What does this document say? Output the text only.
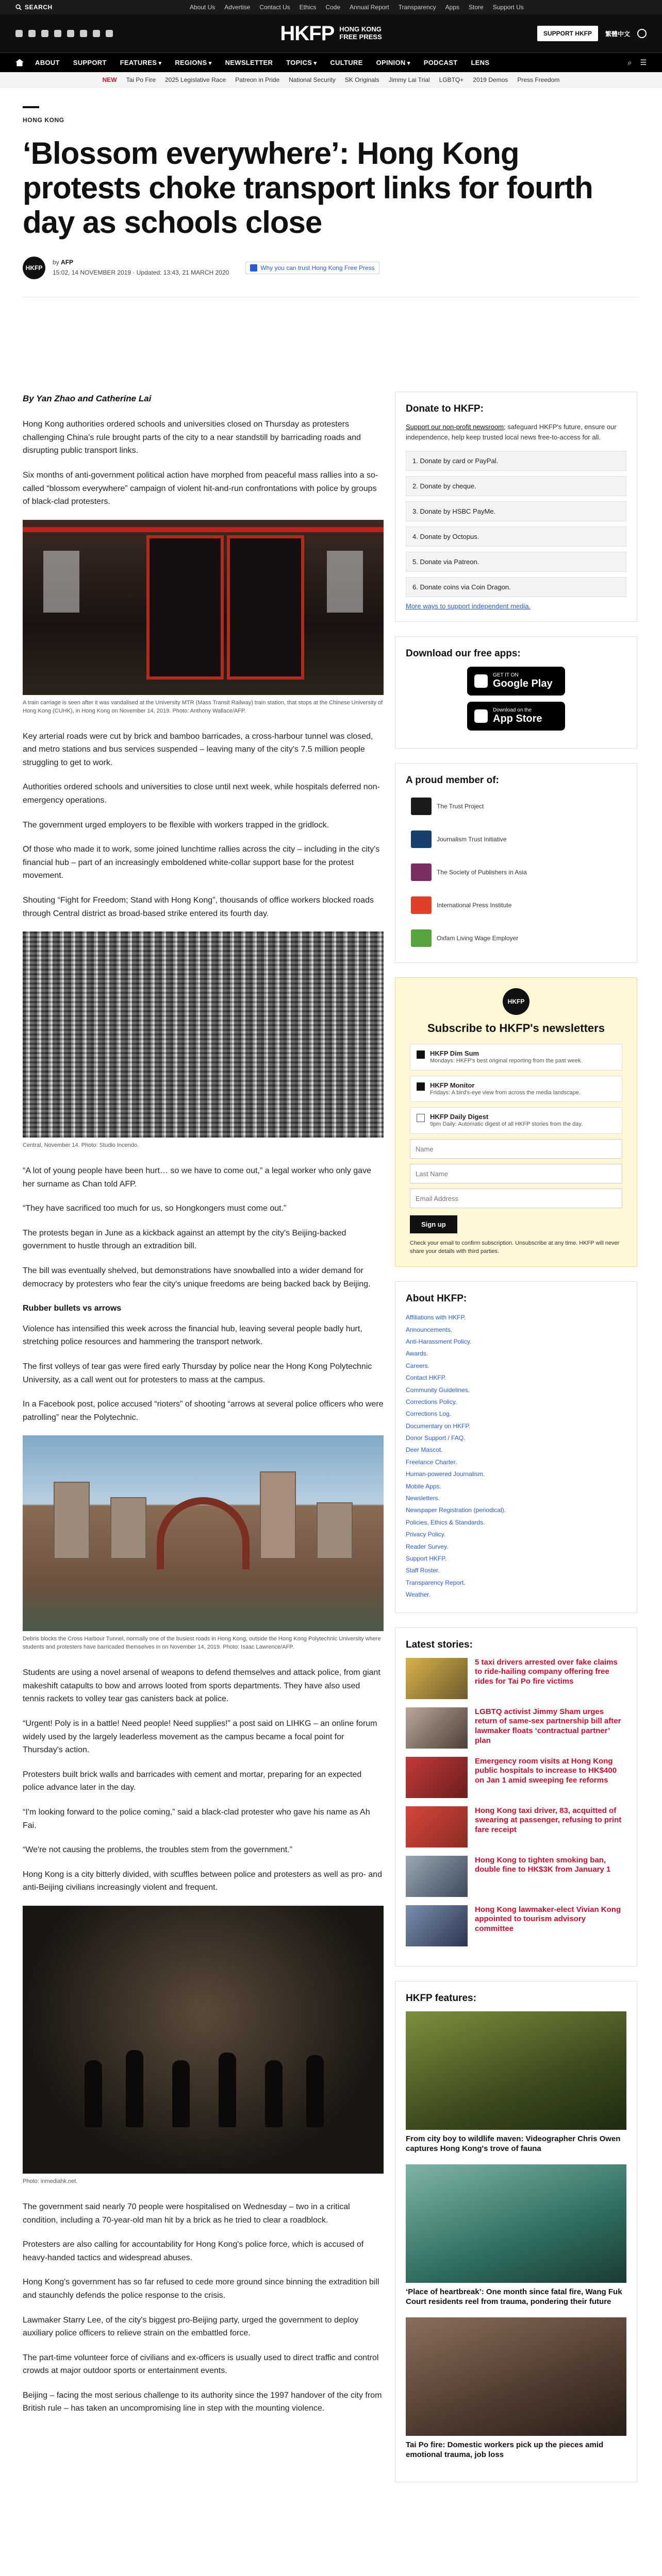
SEARCH	About Us Advertise Contact Us Ethics Code Annual Report Transparency Apps Store Support Us
HKFP HONG KONG
FREE PRESS	SUPPORT HKFP	繁體中文
ABOUT SUPPORT FEATURES ▾	REGIONS ▾	NEWSLETTER TOPICS ▾	CULTURE OPINION ▾	PODCAST LENS	⌕ ☰
NEW Tai Po Fire 2025 Legislative Race Patreon in Pride National Security SK Originals Jimmy Lai Trial LGBTQ+ 2019 Demos Press Freedom
HONG KONG
‘Blossom everywhere’: Hong Kong protests choke transport links for fourth day as schools close
HKFP
by AFP
15:02, 14 NOVEMBER 2019 · Updated: 13:43, 21 MARCH 2020
Why you can trust Hong Kong Free Press

By Yan Zhao and Catherine Lai

Hong Kong authorities ordered schools and universities closed on Thursday as protesters challenging China's rule brought parts of the city to a near standstill by barricading roads and disrupting public transport links.

Six months of anti-government political action have morphed from peaceful mass rallies into a so-called “blossom everywhere” campaign of violent hit-and-run confrontations with police by groups of black-clad protesters.

A train carriage is seen after it was vandalised at the University MTR (Mass Transit Railway) train station, that stops at the Chinese University of Hong Kong (CUHK), in Hong Kong on November 14, 2019. Photo: Anthony Wallace/AFP.

Key arterial roads were cut by brick and bamboo barricades, a cross-harbour tunnel was closed, and metro stations and bus services suspended – leaving many of the city's 7.5 million people struggling to get to work.

Authorities ordered schools and universities to close until next week, while hospitals deferred non-emergency operations.

The government urged employers to be flexible with workers trapped in the gridlock.

Of those who made it to work, some joined lunchtime rallies across the city – including in the city's financial hub – part of an increasingly emboldened white-collar support base for the protest movement.

Shouting “Fight for Freedom; Stand with Hong Kong”, thousands of office workers blocked roads through Central district as broad-based strike entered its fourth day.

Central, November 14. Photo: Studio Incendo.

“A lot of young people have been hurt… so we have to come out,” a legal worker who only gave her surname as Chan told AFP.

“They have sacrificed too much for us, so Hongkongers must come out.”

The protests began in June as a kickback against an attempt by the city's Beijing-backed government to hustle through an extradition bill.

The bill was eventually shelved, but demonstrations have snowballed into a wider demand for democracy by protesters who fear the city's unique freedoms are being backed back by Beijing.

Rubber bullets vs arrows

Violence has intensified this week across the financial hub, leaving several people badly hurt, stretching police resources and hammering the transport network.

The first volleys of tear gas were fired early Thursday by police near the Hong Kong Polytechnic University, as a call went out for protesters to mass at the campus.

In a Facebook post, police accused “rioters” of shooting “arrows at several police officers who were patrolling” near the Polytechnic.

Debris blocks the Cross Harbour Tunnel, normally one of the busiest roads in Hong Kong, outside the Hong Kong Polytechnic University where students and protesters have barricaded themselves in on November 14, 2019. Photo: Isaac Lawrence/AFP.

Students are using a novel arsenal of weapons to defend themselves and attack police, from giant makeshift catapults to bow and arrows looted from sports departments. They have also used tennis rackets to volley tear gas canisters back at police.

“Urgent! Poly is in a battle! Need people! Need supplies!” a post said on LIHKG – an online forum widely used by the largely leaderless movement as the campus became a focal point for Thursday's action.

Protesters built brick walls and barricades with cement and mortar, preparing for an expected police advance later in the day.

“I'm looking forward to the police coming,” said a black-clad protester who gave his name as Ah Fai.

“We're not causing the problems, the troubles stem from the government.”

Hong Kong is a city bitterly divided, with scuffles between police and protesters as well as pro- and anti-Beijing civilians increasingly violent and frequent.

Photo: inmediahk.net.

The government said nearly 70 people were hospitalised on Wednesday – two in a critical condition, including a 70-year-old man hit by a brick as he tried to clear a roadblock.

Protesters are also calling for accountability for Hong Kong's police force, which is accused of heavy-handed tactics and widespread abuses.

Hong Kong's government has so far refused to cede more ground since binning the extradition bill and staunchly defends the police response to the crisis.

Lawmaker Starry Lee, of the city's biggest pro-Beijing party, urged the government to deploy auxiliary police officers to relieve strain on the embattled force.

The part-time volunteer force of civilians and ex-officers is usually used to direct traffic and control crowds at major outdoor sports or entertainment events.

Beijing – facing the most serious challenge to its authority since the 1997 handover of the city from British rule – has taken an uncompromising line in step with the mounting violence.

Donate to HKFP:

Support our non-profit newsroom; safeguard HKFP's future, ensure our independence, help keep trusted local news free-to-access for all.

1. Donate by card or PayPal.
2. Donate by cheque.
3. Donate by HSBC PayMe.
4. Donate by Octopus.
5. Donate via Patreon.
6. Donate coins via Coin Dragon.
More ways to support independent media.
Download our free apps:
GET IT ON
Google Play
Download on the
App Store
A proud member of:
The Trust Project
Journalism Trust Initiative
The Society of Publishers in Asia
International Press Institute
Oxfam Living Wage Employer
HKFP
Subscribe to HKFP's newsletters
HKFP Dim Sum
Mondays: HKFP's best original reporting from the past week.
HKFP Monitor
Fridays: A bird's-eye view from across the media landscape.
HKFP Daily Digest
9pm Daily: Automatic digest of all HKFP stories from the day.
Name Last Name Email Address
Sign up

Check your email to confirm subscription. Unsubscribe at any time. HKFP will never share your details with third parties.

About HKFP:
Affiliations with HKFP.
Announcements.
Anti-Harassment Policy.
Awards.
Careers.
Contact HKFP.
Community Guidelines.
Corrections Policy.
Corrections Log.
Documentary on HKFP.
Donor Support / FAQ.
Deer Mascot.
Freelance Charter.
Human-powered Journalism.
Mobile Apps.
Newsletters.
Newspaper Registration (periodical).
Policies, Ethics & Standards.
Privacy Policy.
Reader Survey.
Support HKFP.
Staff Roster.
Transparency Report.
Weather.
Latest stories:
5 taxi drivers arrested over fake claims to ride-hailing company offering free rides for Tai Po fire victims
LGBTQ activist Jimmy Sham urges return of same-sex partnership bill after lawmaker floats ‘contractual partner’ plan
Emergency room visits at Hong Kong public hospitals to increase to HK$400 on Jan 1 amid sweeping fee reforms
Hong Kong taxi driver, 83, acquitted of swearing at passenger, refusing to print fare receipt
Hong Kong to tighten smoking ban, double fine to HK$3K from January 1
Hong Kong lawmaker-elect Vivian Kong appointed to tourism advisory committee
HKFP features:
From city boy to wildlife maven: Videographer Chris Owen captures Hong Kong's trove of fauna
‘Place of heartbreak’: One month since fatal fire, Wang Fuk Court residents reel from trauma, pondering their future
Tai Po fire: Domestic workers pick up the pieces amid emotional trauma, job loss
